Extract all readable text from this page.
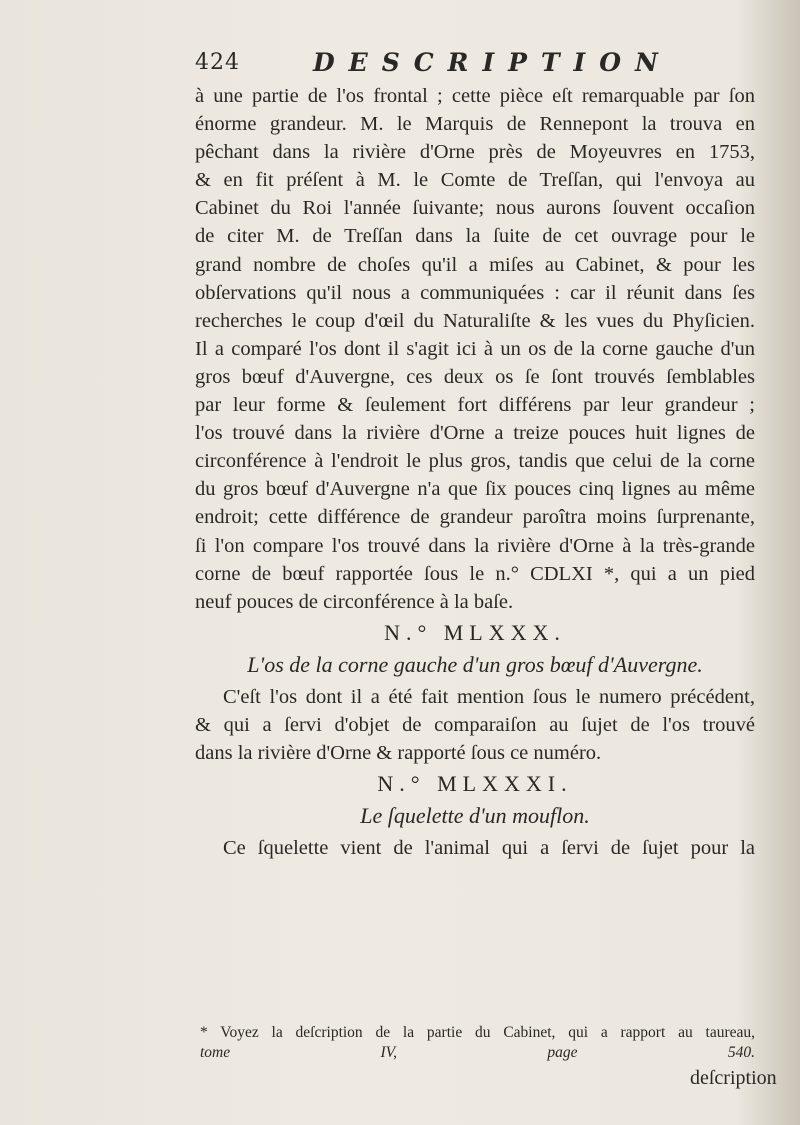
424	DESCRIPTION

à une partie de l'os frontal ; cette pièce eſt remarquable par ſon
énorme grandeur. M. le Marquis de Rennepont la trouva en
pêchant dans la rivière d'Orne près de Moyeuvres en 1753,
& en fit préſent à M. le Comte de Treſſan, qui l'envoya au
Cabinet du Roi l'année ſuivante; nous aurons ſouvent occaſion
de citer M. de Treſſan dans la ſuite de cet ouvrage pour le
grand nombre de choſes qu'il a miſes au Cabinet, & pour les
obſervations qu'il nous a communiquées : car il réunit dans ſes
recherches le coup d'œil du Naturaliſte & les vues du Phyſicien.
Il a comparé l'os dont il s'agit ici à un os de la corne gauche d'un
gros bœuf d'Auvergne, ces deux os ſe ſont trouvés ſemblables
par leur forme & ſeulement fort différens par leur grandeur ;
l'os trouvé dans la rivière d'Orne a treize pouces huit lignes de
circonférence à l'endroit le plus gros, tandis que celui de la corne
du gros bœuf d'Auvergne n'a que ſix pouces cinq lignes au même
endroit; cette différence de grandeur paroîtra moins ſurprenante,
ſi l'on compare l'os trouvé dans la rivière d'Orne à la très-grande
corne de bœuf rapportée ſous le n.° CDLXI *, qui a un pied
neuf pouces de circonférence à la baſe.

N.° MLXXX.
L'os de la corne gauche d'un gros bœuf d'Auvergne.

C'eſt l'os dont il a été fait mention ſous le numero précédent,
& qui a ſervi d'objet de comparaiſon au ſujet de l'os trouvé
dans la rivière d'Orne & rapporté ſous ce numéro.

N.° MLXXXI.
Le ſquelette d'un mouflon.

Ce ſquelette vient de l'animal qui a ſervi de ſujet pour la

* Voyez la deſcription de la partie du Cabinet, qui a rapport au taureau,
tome IV, page 540.
deſcription
